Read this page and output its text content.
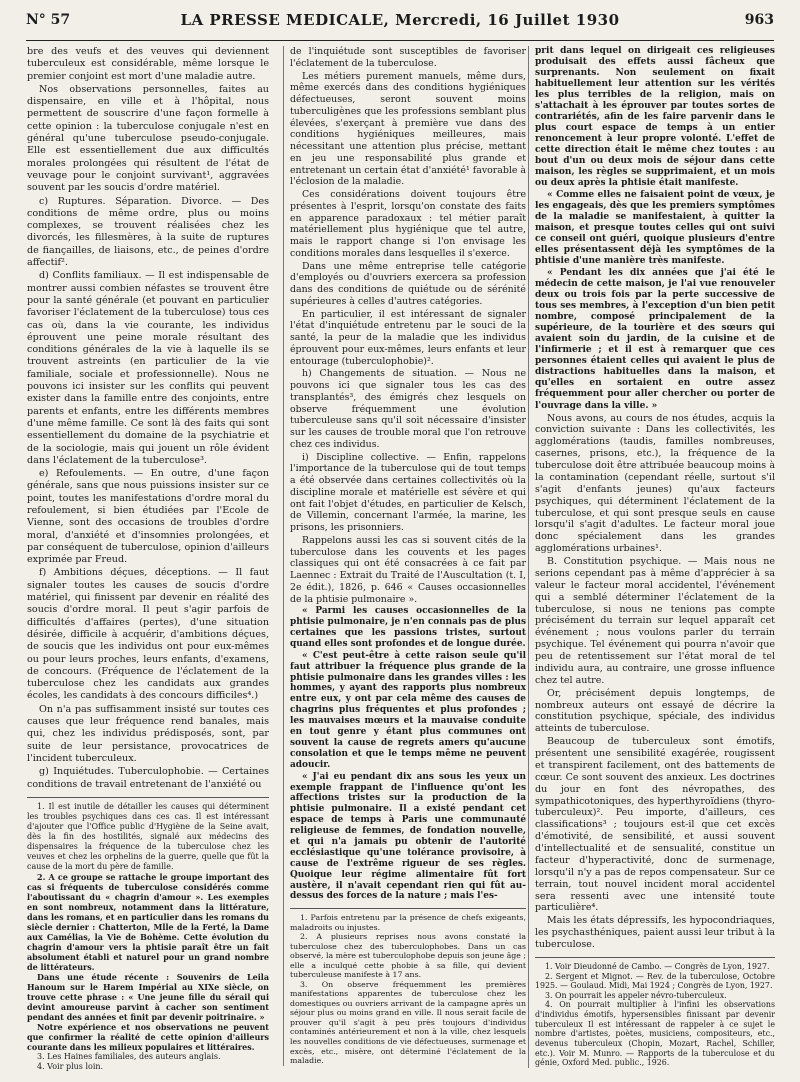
N° 57	LA PRESSE MEDICALE, Mercredi, 16 Juillet 1930	963

bre des veufs et des veuves qui deviennent tuberculeux est considérable, même lorsque le premier conjoint est mort d'une maladie autre.

Nos observations personnelles, faites au dispensaire, en ville et à l'hôpital, nous permettent de souscrire d'une façon formelle à cette opinion : la tuberculose conjugale n'est en général qu'une tuberculose pseudo-conjugale. Elle est essentiellement due aux difficultés morales prolongées qui résultent de l'état de veuvage pour le conjoint survivant¹, aggravées souvent par les soucis d'ordre matériel.

c) Ruptures. Séparation. Divorce. — Des conditions de même ordre, plus ou moins complexes, se trouvent réalisées chez les divorcés, les fillesmères, à la suite de ruptures de fiançailles, de liaisons, etc., de peines d'ordre affectif².

d) Conflits familiaux. — Il est indispensable de montrer aussi combien néfastes se trouvent être pour la santé générale (et pouvant en particulier favoriser l'éclatement de la tuberculose) tous ces cas où, dans la vie courante, les individus éprouvent une peine morale résultant des conditions générales de la vie à laquelle ils se trouvent astreints (en particulier de la vie familiale, sociale et professionnelle). Nous ne pouvons ici insister sur les conflits qui peuvent exister dans la famille entre des conjoints, entre parents et enfants, entre les différents membres d'une même famille. Ce sont là des faits qui sont essentiellement du domaine de la psychiatrie et de la sociologie, mais qui jouent un rôle évident dans l'éclatement de la tuberculose³.

e) Refoulements. — En outre, d'une façon générale, sans que nous puissions insister sur ce point, toutes les manifestations d'ordre moral du refoulement, si bien étudiées par l'Ecole de Vienne, sont des occasions de troubles d'ordre moral, d'anxiété et d'insomnies prolongées, et par conséquent de tuberculose, opinion d'ailleurs exprimée par Freud.

f) Ambitions déçues, déceptions. — Il faut signaler toutes les causes de soucis d'ordre matériel, qui finissent par devenir en réalité des soucis d'ordre moral. Il peut s'agir parfois de difficultés d'affaires (pertes), d'une situation désirée, difficile à acquérir, d'ambitions déçues, de soucis que les individus ont pour eux-mêmes ou pour leurs proches, leurs enfants, d'examens, de concours. (Fréquence de l'éclatement de la tuberculose chez les candidats aux grandes écoles, les candidats à des concours difficiles⁴.)

On n'a pas suffisamment insisté sur toutes ces causes que leur fréquence rend banales, mais qui, chez les individus prédisposés, sont, par suite de leur persistance, provocatrices de l'incident tuberculeux.

g) Inquiétudes. Tuberculophobie. — Certaines conditions de travail entretenant de l'anxiété ou

1. Il est inutile de détailler les causes qui déterminent les troubles psychiques dans ces cas. Il est intéressant d'ajouter que l'Office public d'Hygiène de la Seine avait, dès la fin des hostilités, signalé aux médecins des dispensaires la fréquence de la tuberculose chez les veuves et chez les orphelins de la guerre, quelle que fût la cause de la mort du père de famille.

2. A ce groupe se rattache le groupe important des cas si fréquents de tuberculose considérés comme l'aboutissant du « chagrin d'amour ». Les exemples en sont nombreux, notamment dans la littérature, dans les romans, et en particulier dans les romans du siècle dernier : Chatterton, Mlle de la Ferté, la Dame aux Camélias, la Vie de Bohème. Cette évolution du chagrin d'amour vers la phtisie paraît être un fait absolument établi et naturel pour un grand nombre de littérateurs.

Dans une étude récente : Souvenirs de Leila Hanoum sur le Harem Impérial au XIXe siècle, on trouve cette phrase : « Une jeune fille du sérail qui devint amoureuse parvint à cacher son sentiment pendant des années et finit par devenir poitrinaire. »

Notre expérience et nos observations ne peuvent que confirmer la réalité de cette opinion d'ailleurs courante dans les milieux populaires et littéraires.

3. Les Haines familiales, des auteurs anglais.

4. Voir plus loin.

de l'inquiétude sont susceptibles de favoriser l'éclatement de la tuberculose.

Les métiers purement manuels, même durs, même exercés dans des conditions hygiéniques défectueuses, seront souvent moins tuberculigènes que les professions semblant plus élevées, s'exerçant à première vue dans des conditions hygiéniques meilleures, mais nécessitant une attention plus précise, mettant en jeu une responsabilité plus grande et entretenant un certain état d'anxiété¹ favorable à l'éclosion de la maladie.

Ces considérations doivent toujours être présentes à l'esprit, lorsqu'on constate des faits en apparence paradoxaux : tel métier paraît matériellement plus hygiénique que tel autre, mais le rapport change si l'on envisage les conditions morales dans lesquelles il s'exerce.

Dans une même entreprise telle catégorie d'employés ou d'ouvriers exercera sa profession dans des conditions de quiétude ou de sérénité supérieures à celles d'autres catégories.

En particulier, il est intéressant de signaler l'état d'inquiétude entretenu par le souci de la santé, la peur de la maladie que les individus éprouvent pour eux-mêmes, leurs enfants et leur entourage (tuberculophobie)².

h) Changements de situation. — Nous ne pouvons ici que signaler tous les cas des transplantés³, des émigrés chez lesquels on observe fréquemment une évolution tuberculeuse sans qu'il soit nécessaire d'insister sur les causes de trouble moral que l'on retrouve chez ces individus.

i) Discipline collective. — Enfin, rappelons l'importance de la tuberculose qui de tout temps a été observée dans certaines collectivités où la discipline morale et matérielle est sévère et qui ont fait l'objet d'études, en particulier de Kelsch, de Villemin, concernant l'armée, la marine, les prisons, les prisonniers.

Rappelons aussi les cas si souvent cités de la tuberculose dans les couvents et les pages classiques qui ont été consacrées à ce fait par Laennec : Extrait du Traité de l'Auscultation (t. I, 2e édit.), 1826, p. 646 « Causes occasionnelles de la phtisie pulmonaire ».

« Parmi les causes occasionnelles de la phtisie pulmonaire, je n'en connais pas de plus certaines que les passions tristes, surtout quand elles sont profondes et de longue durée.

« C'est peut-être à cette raison seule qu'il faut attribuer la fréquence plus grande de la phtisie pulmonaire dans les grandes villes : les hommes, y ayant des rapports plus nombreux entre eux, y ont par cela même des causes de chagrins plus fréquentes et plus profondes ; les mauvaises mœurs et la mauvaise conduite en tout genre y étant plus communes ont souvent la cause de regrets amers qu'aucune consolation et que le temps même ne peuvent adoucir.

« J'ai eu pendant dix ans sous les yeux un exemple frappant de l'influence qu'ont les affections tristes sur la production de la phtisie pulmonaire. Il a existé pendant cet espace de temps à Paris une communauté religieuse de femmes, de fondation nouvelle, et qui n'a jamais pu obtenir de l'autorité ecclésiastique qu'une tolérance provisoire, à cause de l'extrême rigueur de ses règles. Quoique leur régime alimentaire fût fort austère, il n'avait cependant rien qui fût au-dessus des forces de la nature ; mais l'es-

1. Parfois entretenu par la présence de chefs exigeants, maladroits ou injustes.

2. A plusieurs reprises nous avons constaté la tuberculose chez des tuberculophobes. Dans un cas observé, la mère est tuberculophobe depuis son jeune âge ; elle a inculqué cette phobie à sa fille, qui devient tuberculeuse manifeste à 17 ans.

3. On observe fréquemment les premières manifestations apparentes de tuberculose chez les domestiques ou ouvriers arrivant de la campagne après un séjour plus ou moins grand en ville. Il nous serait facile de prouver qu'il s'agit à peu près toujours d'individus contaminés antérieurement et non à la ville, chez lesquels les nouvelles conditions de vie défectueuses, surmenage et excès, etc., misère, ont déterminé l'éclatement de la maladie.

prit dans lequel on dirigeait ces religieuses produisait des effets aussi fâcheux que surprenants. Non seulement on fixait habituellement leur attention sur les vérités les plus terribles de la religion, mais on s'attachait à les éprouver par toutes sortes de contrariétés, afin de les faire parvenir dans le plus court espace de temps à un entier renoncement à leur propre volonté. L'effet de cette direction était le même chez toutes : au bout d'un ou deux mois de séjour dans cette maison, les règles se supprimaient, et un mois ou deux après la phtisie était manifeste.

« Comme elles ne faisaient point de vœux, je les engageais, dès que les premiers symptômes de la maladie se manifestaient, à quitter la maison, et presque toutes celles qui ont suivi ce conseil ont guéri, quoique plusieurs d'entre elles présentassent déjà les symptômes de la phtisie d'une manière très manifeste.

« Pendant les dix années que j'ai été le médecin de cette maison, je l'ai vue renouveler deux ou trois fois par la perte successive de tous ses membres, à l'exception d'un bien petit nombre, composé principalement de la supérieure, de la tourière et des sœurs qui avaient soin du jardin, de la cuisine et de l'infirmerie ; et il est à remarquer que ces personnes étaient celles qui avaient le plus de distractions habituelles dans la maison, et qu'elles en sortaient en outre assez fréquemment pour aller chercher ou porter de l'ouvrage dans la ville. »

Nous avons, au cours de nos études, acquis la conviction suivante : Dans les collectivités, les agglomérations (taudis, familles nombreuses, casernes, prisons, etc.), la fréquence de la tuberculose doit être attribuée beaucoup moins à la contamination (cependant réelle, surtout s'il s'agit d'enfants jeunes) qu'aux facteurs psychiques, qui déterminent l'éclatement de la tuberculose, et qui sont presque seuls en cause lorsqu'il s'agit d'adultes. Le facteur moral joue donc spécialement dans les grandes agglomérations urbaines¹.

B. Constitution psychique. — Mais nous ne serions cependant pas à même d'apprécier à sa valeur le facteur moral accidentel, l'événement qui a semblé déterminer l'éclatement de la tuberculose, si nous ne tenions pas compte précisément du terrain sur lequel apparaît cet événement ; nous voulons parler du terrain psychique. Tel événement qui pourra n'avoir que peu de retentissement sur l'état moral de tel individu aura, au contraire, une grosse influence chez tel autre.

Or, précisément depuis longtemps, de nombreux auteurs ont essayé de décrire la constitution psychique, spéciale, des individus atteints de tuberculose.

Beaucoup de tuberculeux sont émotifs, présentent une sensibilité exagérée, rougissent et transpirent facilement, ont des battements de cœur. Ce sont souvent des anxieux. Les doctrines du jour en font des névropathes, des sympathicotoniques, des hyperthyroïdiens (thyro-tuberculeux)². Peu importe, d'ailleurs, ces classifications³ ; toujours est-il que cet excès d'émotivité, de sensibilité, et aussi souvent d'intellectualité et de sensualité, constitue un facteur d'hyperactivité, donc de surmenage, lorsqu'il n'y a pas de repos compensateur. Sur ce terrain, tout nouvel incident moral accidentel sera ressenti avec une intensité toute particulière⁴.

Mais les états dépressifs, les hypocondriaques, les psychasthéniques, paient aussi leur tribut à la tuberculose.

1. Voir Dieudonné de Cambo. — Congrès de Lyon, 1927.

2. Sergent et Mignot. — Rev. de la tuberculose, Octobre 1925. — Goulaud. Midi, Mai 1924 ; Congrès de Lyon, 1927.

3. On pourrait les appeler névro-tuberculeux.

4. On pourrait multiplier à l'infini les observations d'individus émotifs, hypersensibles finissant par devenir tuberculeux Il est intéressant de rappeler à ce sujet le nombre d'artistes, poètes, musiciens, compositeurs, etc., devenus tuberculeux (Chopin, Mozart, Rachel, Schiller, etc.). Voir M. Munro. — Rapports de la tuberculose et du génie, Oxford Med. public., 1926.
